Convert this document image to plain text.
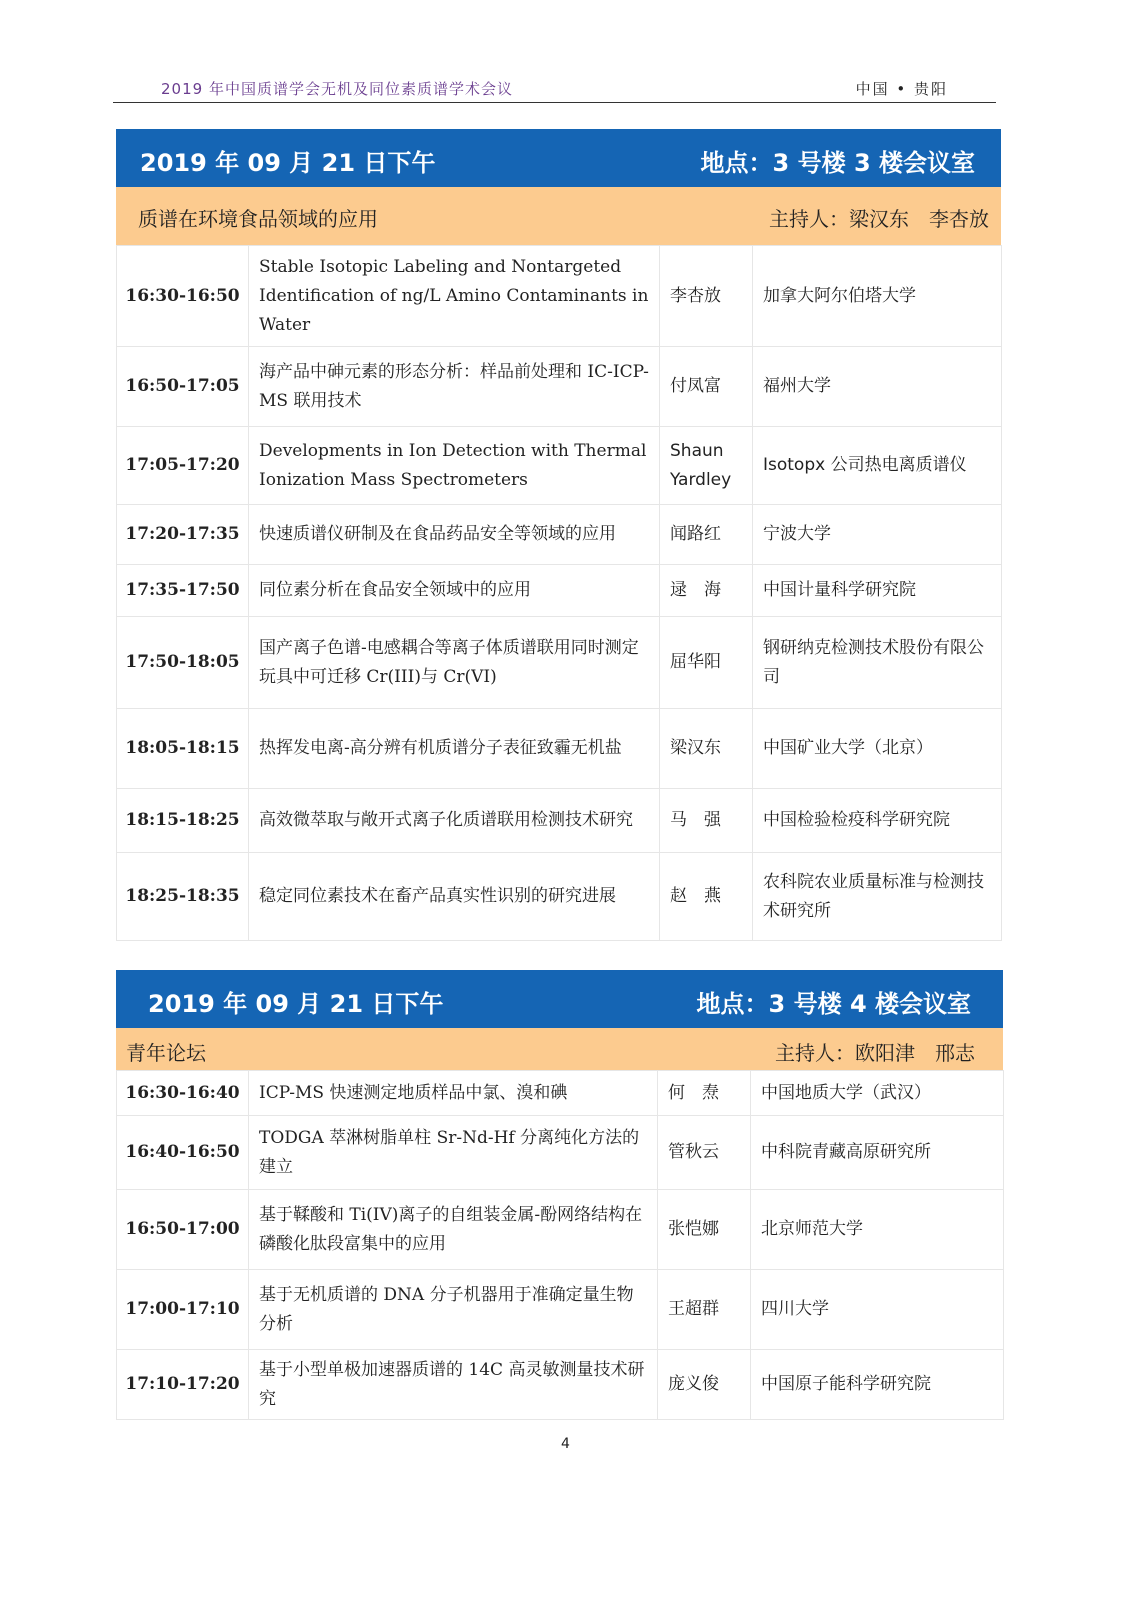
2019 年中国质谱学会无机及同位素质谱学术会议	中国 • 贵阳
2019 年 09 月 21 日下午	地点：3 号楼 3 楼会议室
质谱在环境食品领域的应用	主持人：梁汉东　李杏放
16:30-16:50	Stable Isotopic Labeling and Nontargeted Identification of ng/L Amino Contaminants in Water	李杏放	加拿大阿尔伯塔大学
16:50-17:05	海产品中砷元素的形态分析：样品前处理和 IC-ICP-MS 联用技术	付凤富	福州大学
17:05-17:20	Developments in Ion Detection with Thermal Ionization Mass Spectrometers	Shaun Yardley	Isotopx 公司热电离质谱仪
17:20-17:35	快速质谱仪研制及在食品药品安全等领域的应用	闻路红	宁波大学
17:35-17:50	同位素分析在食品安全领域中的应用	逯　海	中国计量科学研究院
17:50-18:05	国产离子色谱-电感耦合等离子体质谱联用同时测定玩具中可迁移 Cr(III)与 Cr(VI)	屈华阳	钢研纳克检测技术股份有限公司
18:05-18:15	热挥发电离-高分辨有机质谱分子表征致霾无机盐	梁汉东	中国矿业大学（北京）
18:15-18:25	高效微萃取与敞开式离子化质谱联用检测技术研究	马　强	中国检验检疫科学研究院
18:25-18:35	稳定同位素技术在畜产品真实性识别的研究进展	赵　燕	农科院农业质量标准与检测技术研究所
2019 年 09 月 21 日下午	地点：3 号楼 4 楼会议室
青年论坛	主持人：欧阳津　邢志
16:30-16:40	ICP-MS 快速测定地质样品中氯、溴和碘	何　焘	中国地质大学（武汉）
16:40-16:50	TODGA 萃淋树脂单柱 Sr-Nd-Hf 分离纯化方法的建立	管秋云	中科院青藏高原研究所
16:50-17:00	基于鞣酸和 Ti(IV)离子的自组装金属-酚网络结构在磷酸化肽段富集中的应用	张恺娜	北京师范大学
17:00-17:10	基于无机质谱的 DNA 分子机器用于准确定量生物分析	王超群	四川大学
17:10-17:20	基于小型单极加速器质谱的 14C 高灵敏测量技术研究	庞义俊	中国原子能科学研究院
4
